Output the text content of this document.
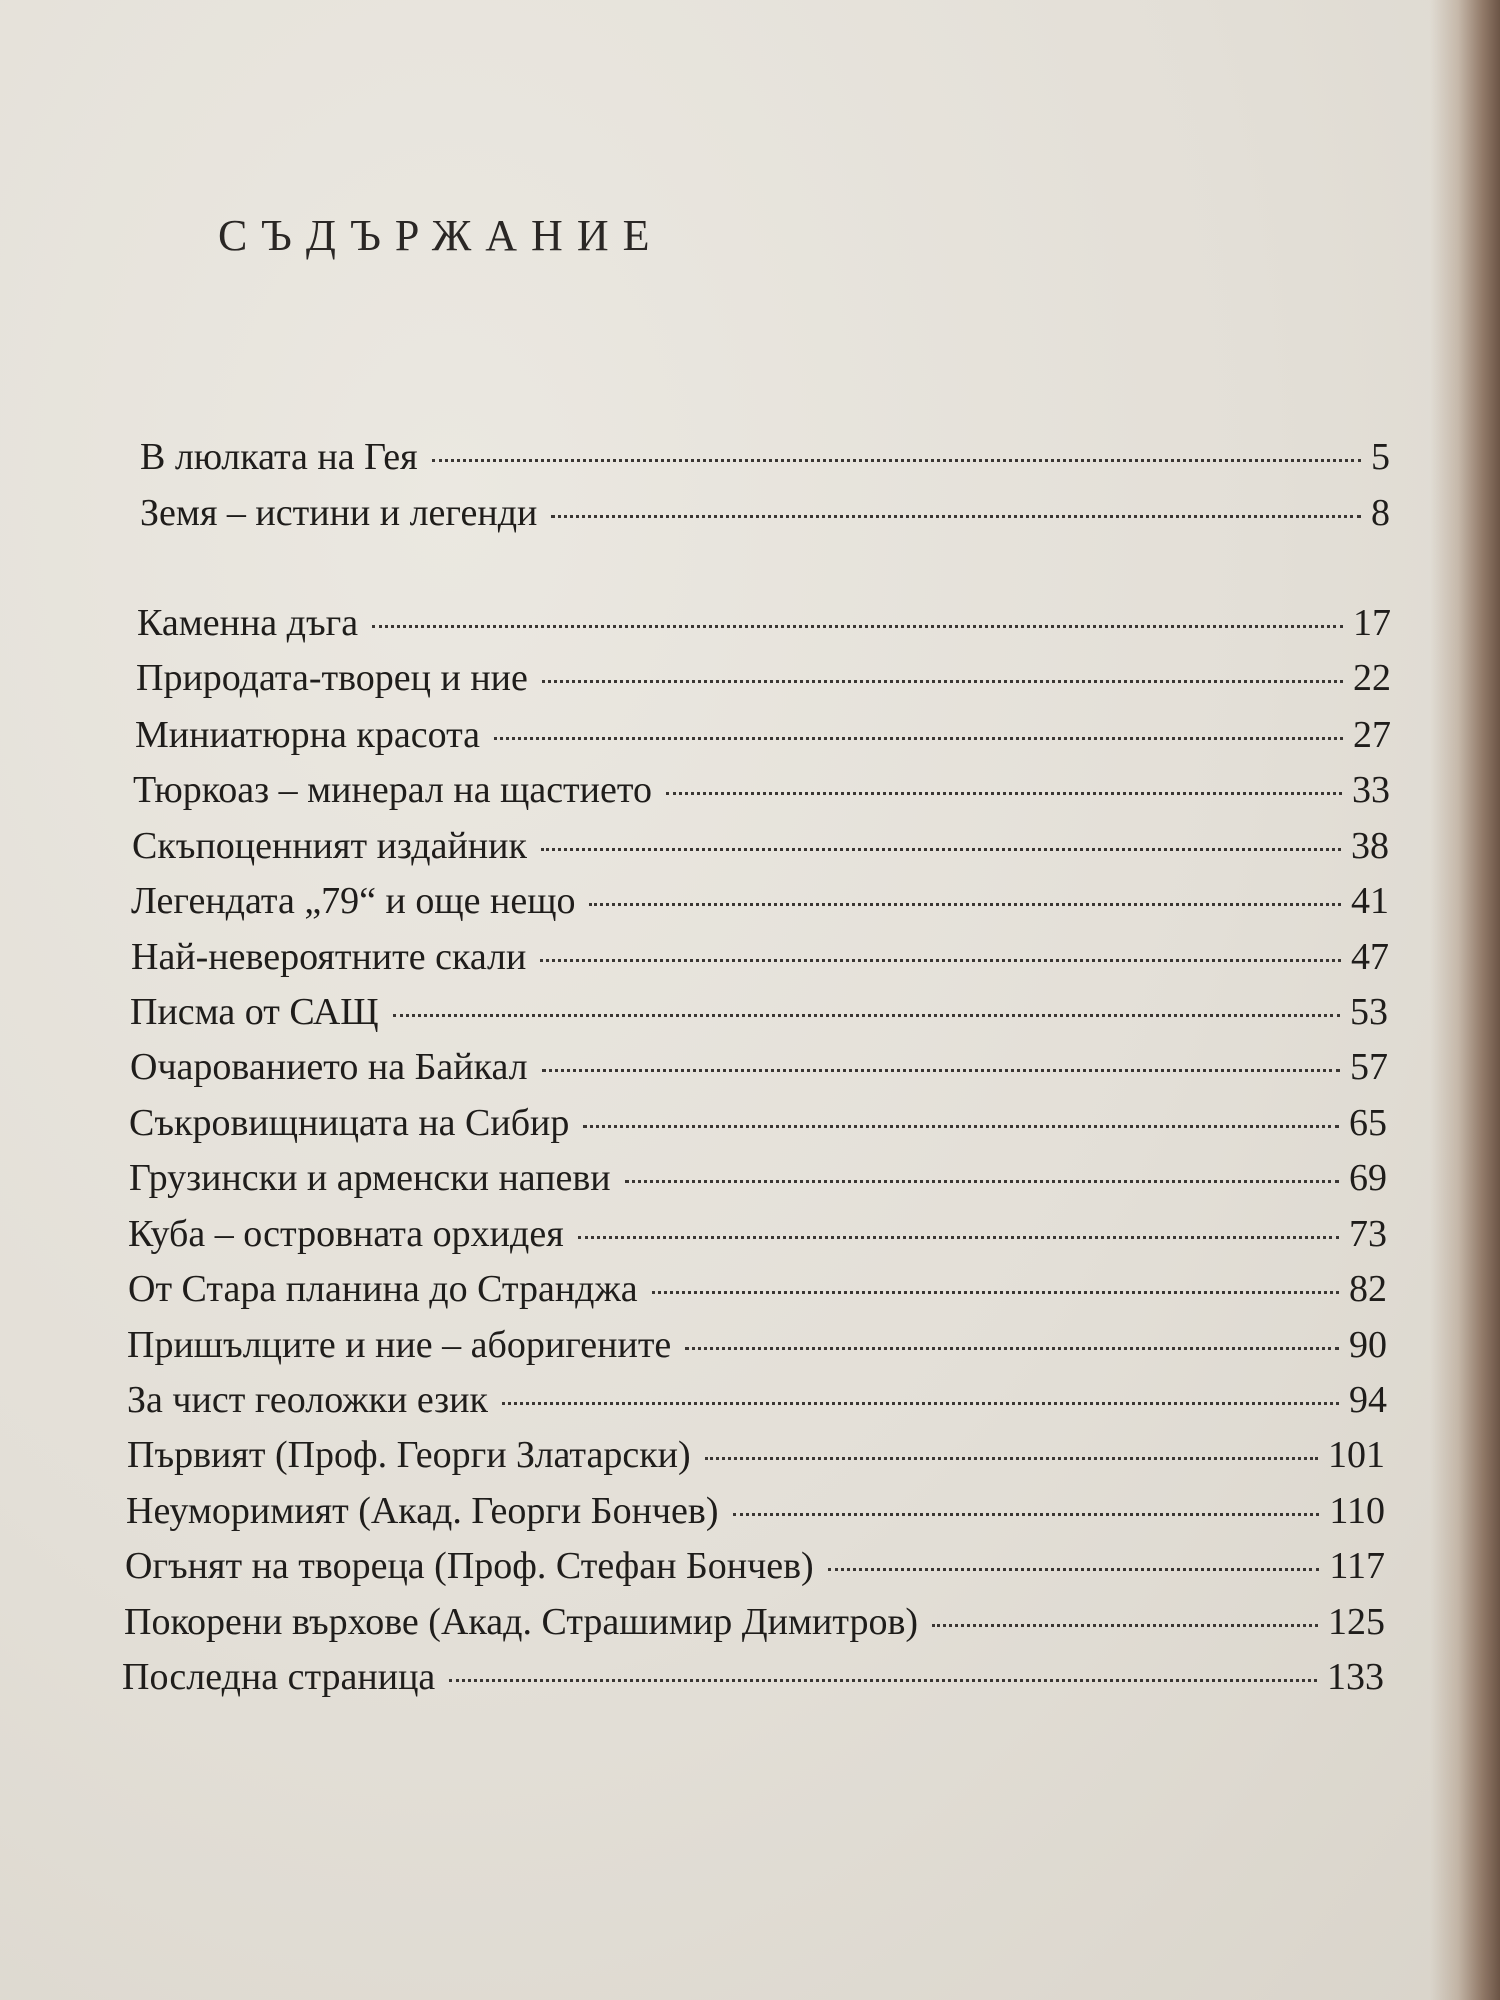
СЪДЪРЖАНИЕ
В люлката на Гея	5
Земя – истини и легенди	8
Каменна дъга	17
Природата-творец и ние	22
Миниатюрна красота	27
Тюркоаз – минерал на щастието	33
Скъпоценният издайник	38
Легендата „79“ и още нещо	41
Най-невероятните скали	47
Писма от САЩ	53
Очарованието на Байкал	57
Съкровищницата на Сибир	65
Грузински и арменски напеви	69
Куба – островната орхидея	73
От Стара планина до Странджа	82
Пришълците и ние – аборигените	90
За чист геоложки език	94
Първият (Проф. Георги Златарски)	101
Неуморимият (Акад. Георги Бончев)	110
Огънят на твореца (Проф. Стефан Бончев)	117
Покорени върхове (Акад. Страшимир Димитров)	125
Последна страница	133
